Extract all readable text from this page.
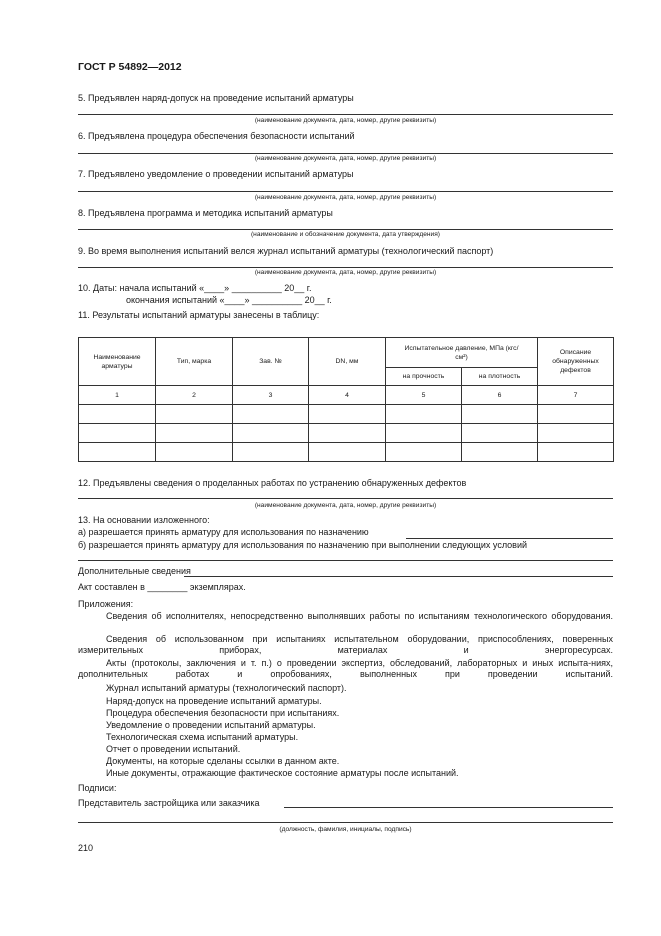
ГОСТ Р 54892—2012
5. Предъявлен наряд-допуск на проведение испытаний арматуры
(наименование документа, дата, номер, другие реквизиты)
6. Предъявлена процедура обеспечения безопасности испытаний
(наименование документа, дата, номер, другие реквизиты)
7. Предъявлено уведомление о проведении испытаний арматуры
(наименование документа, дата, номер, другие реквизиты)
8. Предъявлена программа и методика испытаний арматуры
(наименование и обозначение документа, дата утверждения)
9. Во время выполнения испытаний велся журнал испытаний арматуры (технологический паспорт)
(наименование документа, дата, номер, другие реквизиты)
10. Даты: начала испытаний «____» __________ 20__ г.
окончания испытаний «____» __________ 20__ г.
11. Результаты испытаний арматуры занесены в таблицу:
Наименование арматуры	Тип, марка	Зав. №	DN, мм	Испытательное давление, МПа (кгс/см²)		Описание обнаруженных дефектов
				на прочность	на плотность	
1	2	3	4	5	6	7

12. Предъявлены сведения о проделанных работах по устранению обнаруженных дефектов
(наименование документа, дата, номер, другие реквизиты)
13. На основании изложенного:
а) разрешается принять арматуру для использования по назначению
б) разрешается принять арматуру для использования по назначению при выполнении следующих условий
Дополнительные сведения
Акт составлен в ________ экземплярах.
Приложения:
Сведения об исполнителях, непосредственно выполнявших работы по испытаниям технологического оборудования.
Сведения об использованном при испытаниях испытательном оборудовании, приспособлениях, поверенных измерительных приборах, материалах и энергоресурсах.
Акты (протоколы, заключения и т. п.) о проведении экспертиз, обследований, лабораторных и иных испыта-ниях, дополнительных работах и опробованиях, выполненных при проведении испытаний.
Журнал испытаний арматуры (технологический паспорт).
Наряд-допуск на проведение испытаний арматуры.
Процедура обеспечения безопасности при испытаниях.
Уведомление о проведении испытаний арматуры.
Технологическая схема испытаний арматуры.
Отчет о проведении испытаний.
Документы, на которые сделаны ссылки в данном акте.
Иные документы, отражающие фактическое состояние арматуры после испытаний.
Подписи:
Представитель застройщика или заказчика
(должность, фамилия, инициалы, подпись)
210
